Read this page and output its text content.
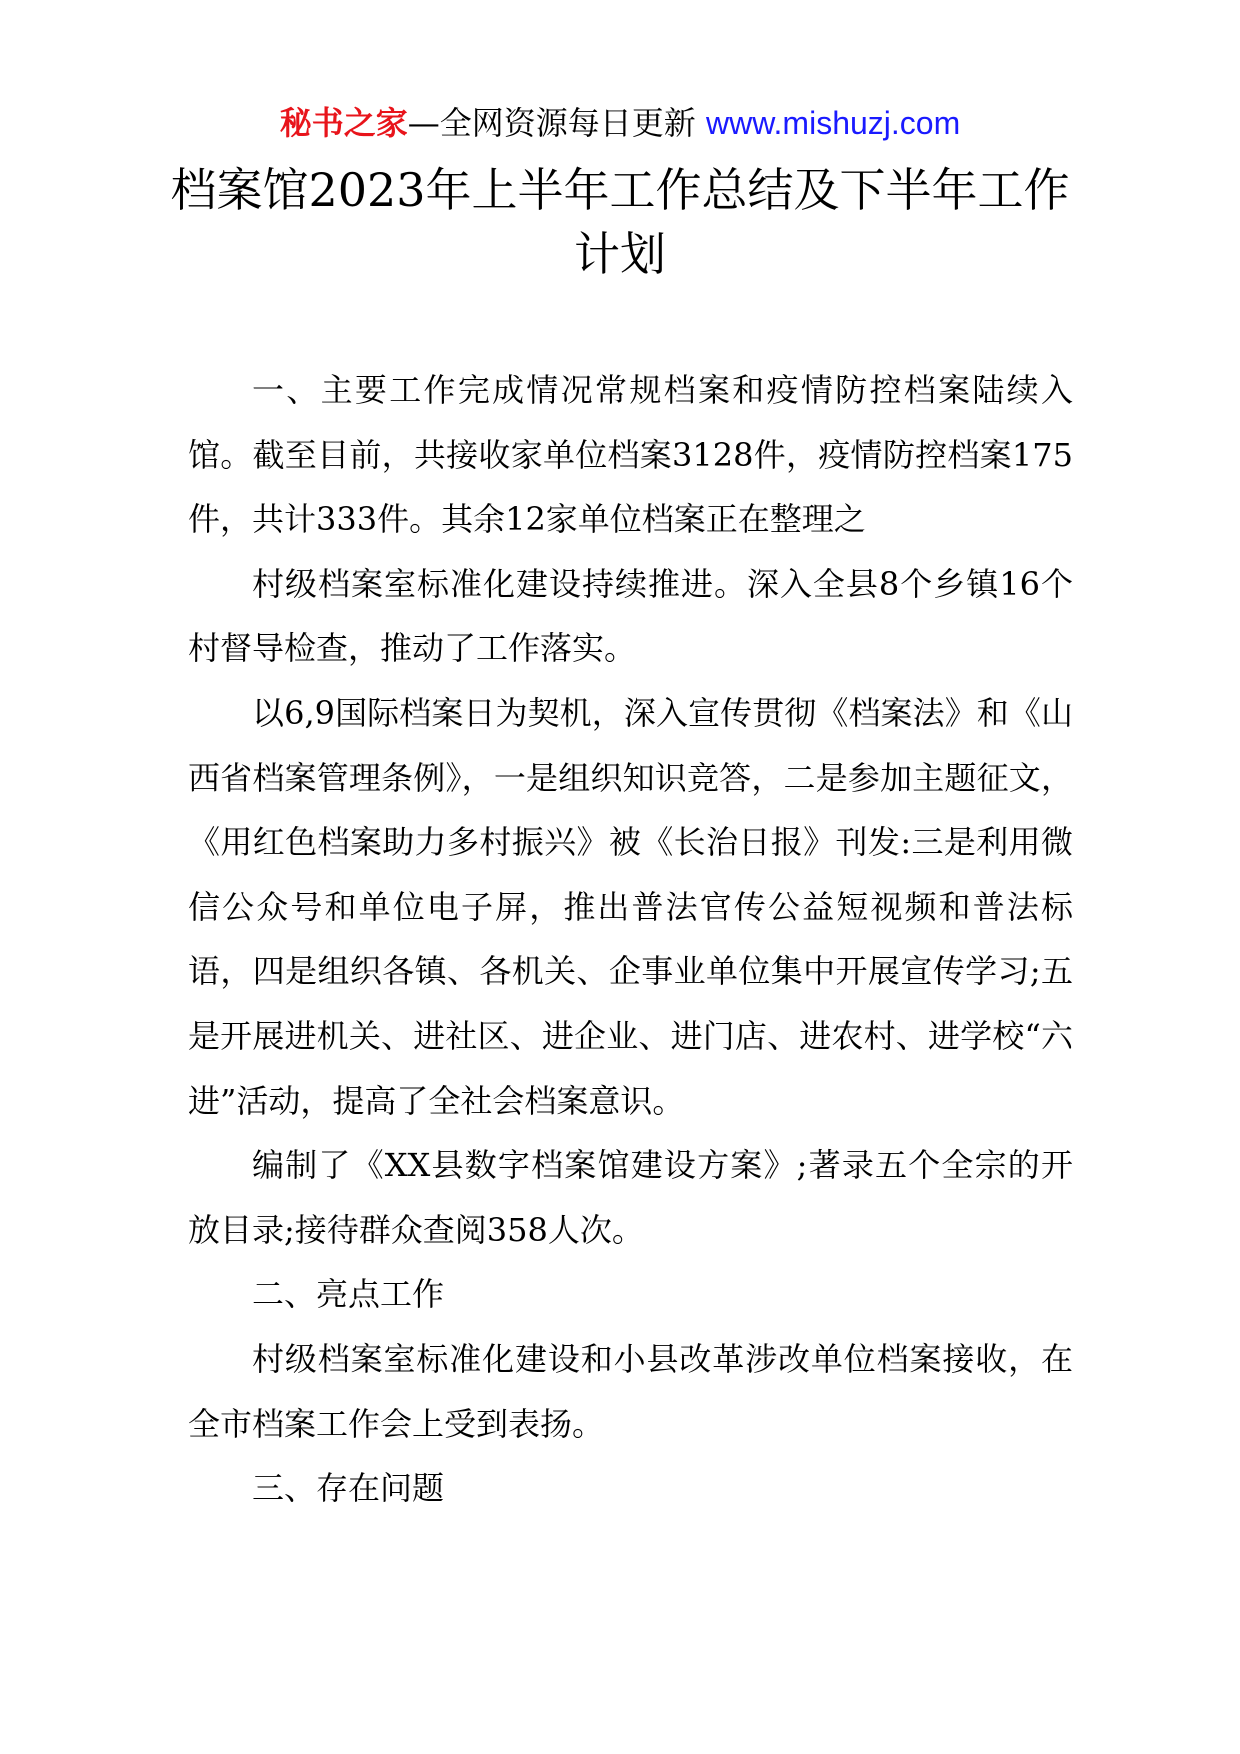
秘书之家—全网资源每日更新 www.mishuzj.com
档案馆2023年上半年工作总结及下半年工作计划

一、主要工作完成情况常规档案和疫情防控档案陆续入馆。截至目前，共接收家单位档案3128件，疫情防控档案175件，共计333件。其余12家单位档案正在整理之

村级档案室标准化建设持续推进。深入全县8个乡镇16个村督导检查，推动了工作落实。

以6,9国际档案日为契机，深入宣传贯彻《档案法》和《山西省档案管理条例》，一是组织知识竞答，二是参加主题征文，《用红色档案助力多村振兴》被《长治日报》刊发:三是利用微信公众号和单位电子屏，推出普法官传公益短视频和普法标语，四是组织各镇、各机关、企事业单位集中开展宣传学习;五是开展进机关、进社区、进企业、进门店、进农村、进学校“六进”活动，提高了全社会档案意识。

编制了《XX县数字档案馆建设方案》;著录五个全宗的开放目录;接待群众查阅358人次。

二、亮点工作

村级档案室标准化建设和小县改革涉改单位档案接收，在全市档案工作会上受到表扬。

三、存在问题
